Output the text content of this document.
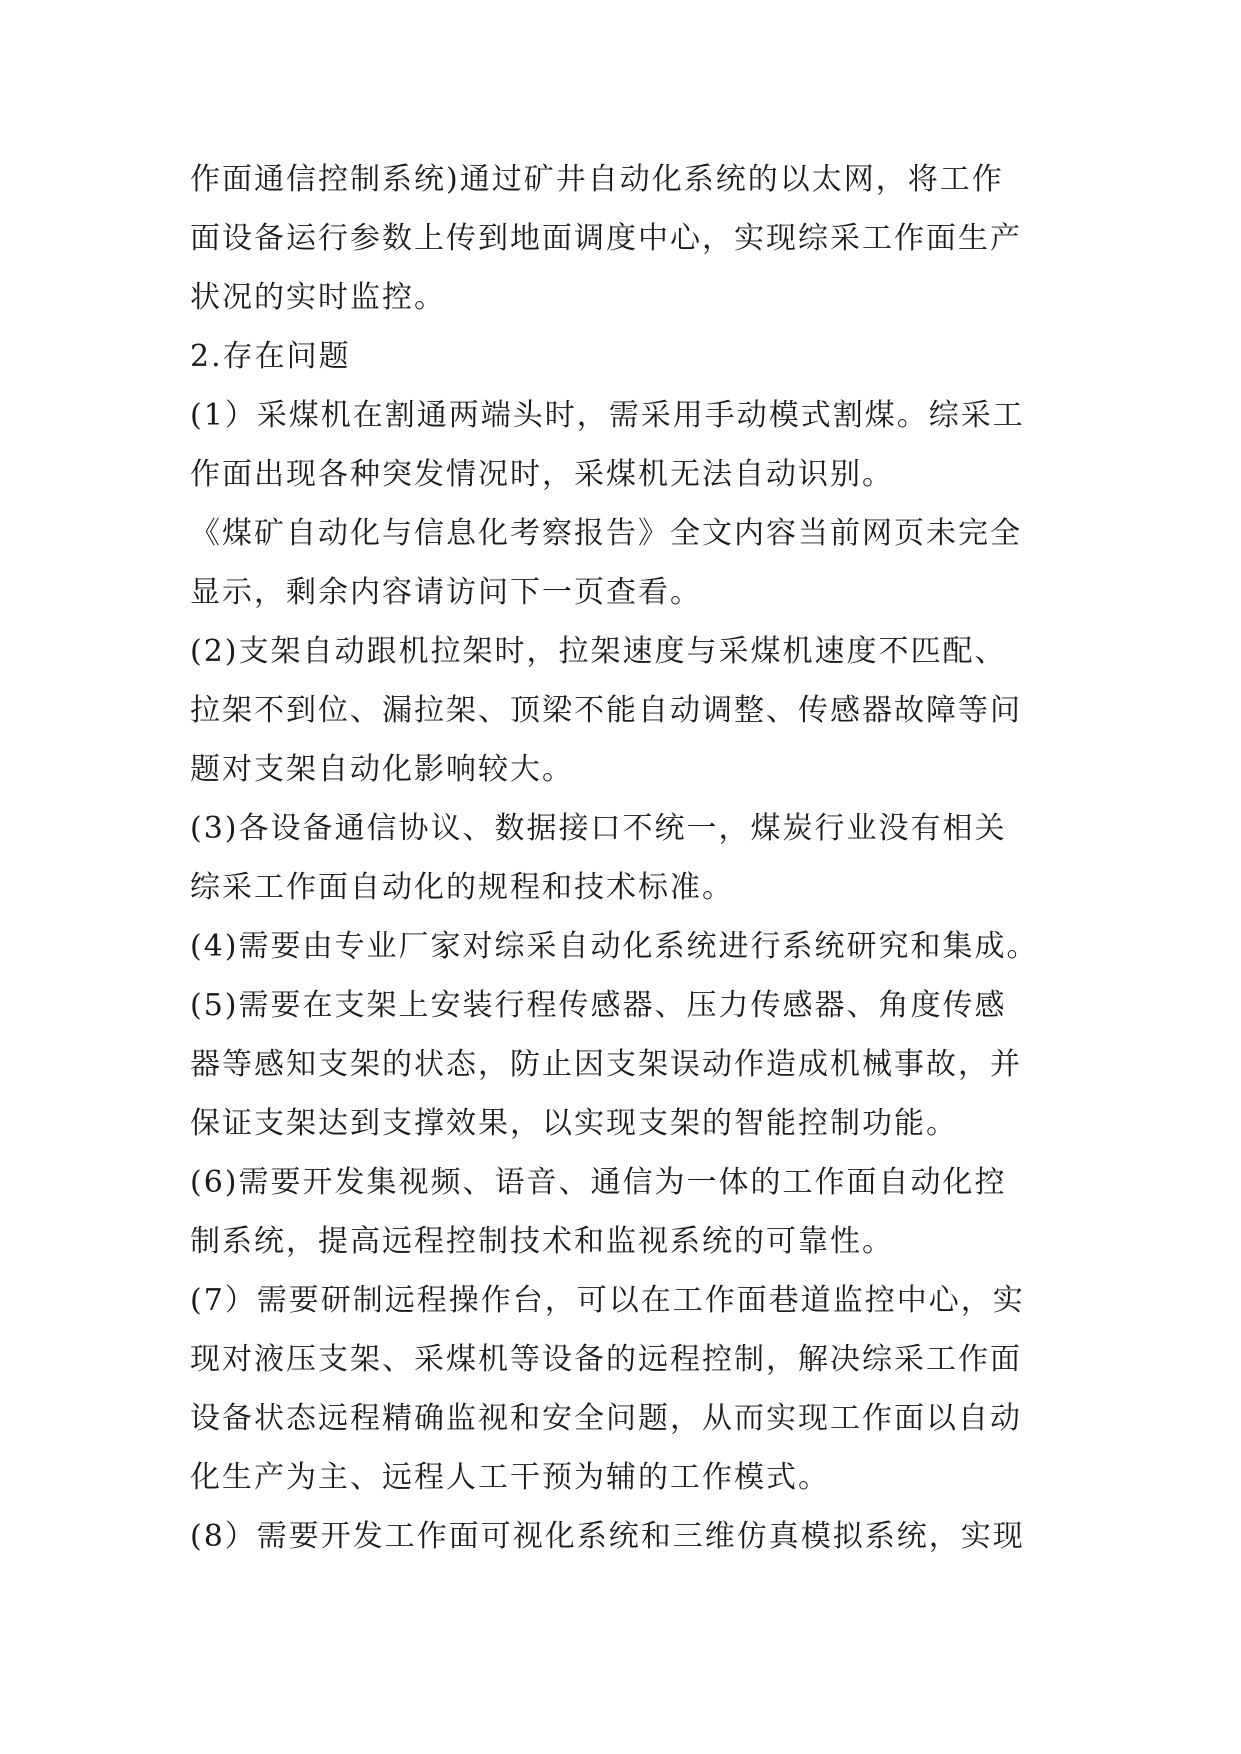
作面通信控制系统)通过矿井自动化系统的以太网，将工作
面设备运行参数上传到地面调度中心，实现综采工作面生产
状况的实时监控。
2.存在问题
(1）采煤机在割通两端头时，需采用手动模式割煤。综采工
作面出现各种突发情况时，采煤机无法自动识别。
《煤矿自动化与信息化考察报告》全文内容当前网页未完全
显示，剩余内容请访问下一页查看。
(2)支架自动跟机拉架时，拉架速度与采煤机速度不匹配、
拉架不到位、漏拉架、顶梁不能自动调整、传感器故障等问
题对支架自动化影响较大。
(3)各设备通信协议、数据接口不统一，煤炭行业没有相关
综采工作面自动化的规程和技术标准。
(4)需要由专业厂家对综采自动化系统进行系统研究和集成。
(5)需要在支架上安装行程传感器、压力传感器、角度传感
器等感知支架的状态，防止因支架误动作造成机械事故，并
保证支架达到支撑效果，以实现支架的智能控制功能。
(6)需要开发集视频、语音、通信为一体的工作面自动化控
制系统，提高远程控制技术和监视系统的可靠性。
(7）需要研制远程操作台，可以在工作面巷道监控中心，实
现对液压支架、采煤机等设备的远程控制，解决综采工作面
设备状态远程精确监视和安全问题，从而实现工作面以自动
化生产为主、远程人工干预为辅的工作模式。
(8）需要开发工作面可视化系统和三维仿真模拟系统，实现
